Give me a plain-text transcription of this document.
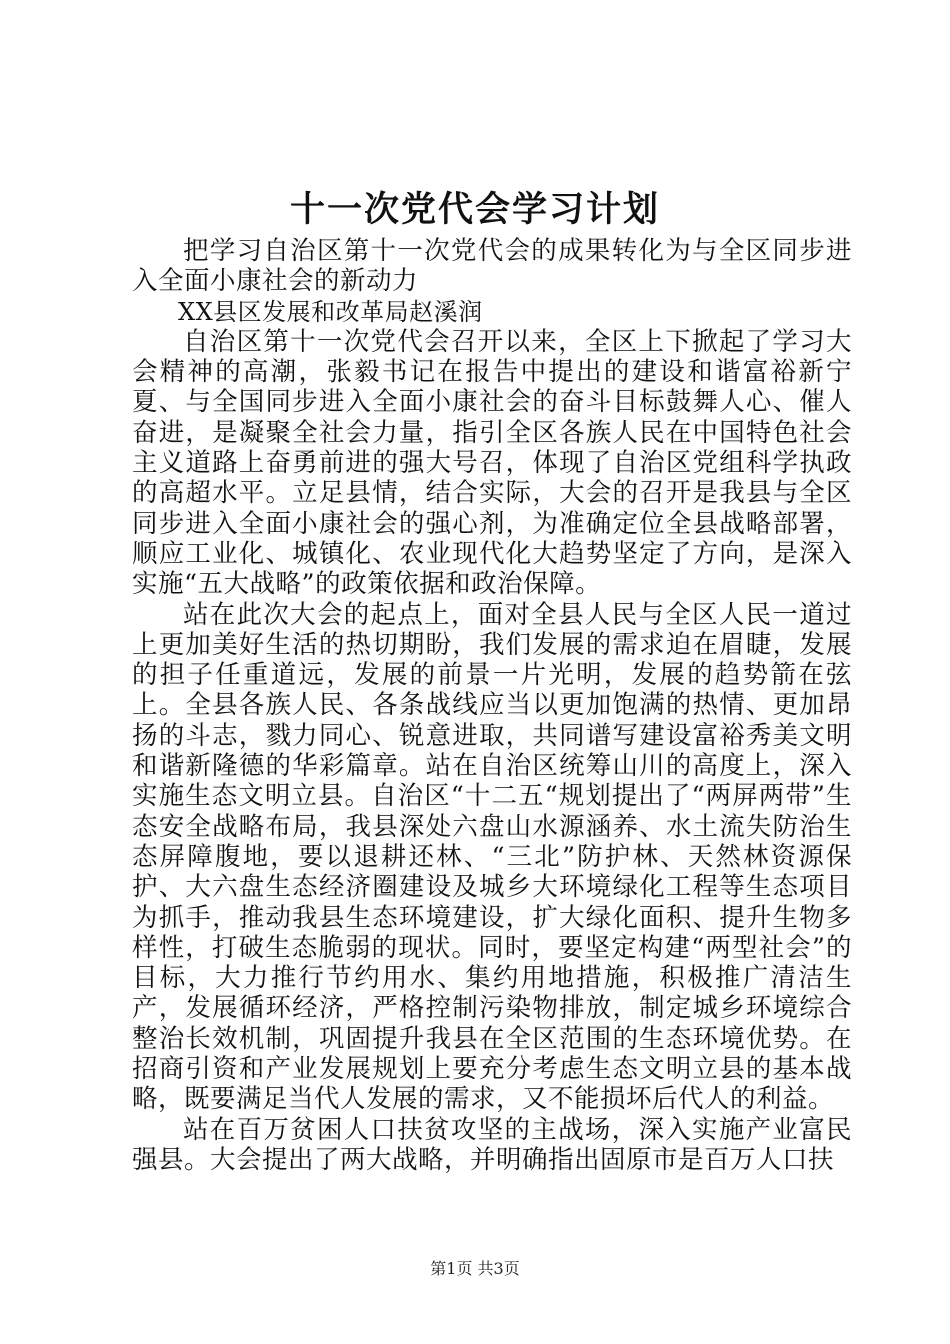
十一次党代会学习计划

把学习自治区第十一次党代会的成果转化为与全区同步进入全面小康社会的新动力

XX县区发展和改革局赵溪润

自治区第十一次党代会召开以来，全区上下掀起了学习大会精神的高潮，张毅书记在报告中提出的建设和谐富裕新宁夏、与全国同步进入全面小康社会的奋斗目标鼓舞人心、催人奋进，是凝聚全社会力量，指引全区各族人民在中国特色社会主义道路上奋勇前进的强大号召，体现了自治区党组科学执政的高超水平。立足县情，结合实际，大会的召开是我县与全区同步进入全面小康社会的强心剂，为准确定位全县战略部署，顺应工业化、城镇化、农业现代化大趋势坚定了方向，是深入实施“五大战略”的政策依据和政治保障。

站在此次大会的起点上，面对全县人民与全区人民一道过上更加美好生活的热切期盼，我们发展的需求迫在眉睫，发展的担子任重道远，发展的前景一片光明，发展的趋势箭在弦上。全县各族人民、各条战线应当以更加饱满的热情、更加昂扬的斗志，戮力同心、锐意进取，共同谱写建设富裕秀美文明和谐新隆德的华彩篇章。站在自治区统筹山川的高度上，深入实施生态文明立县。自治区“十二五“规划提出了“两屏两带”生态安全战略布局，我县深处六盘山水源涵养、水土流失防治生态屏障腹地，要以退耕还林、“三北”防护林、天然林资源保护、大六盘生态经济圈建设及城乡大环境绿化工程等生态项目为抓手，推动我县生态环境建设，扩大绿化面积、提升生物多样性，打破生态脆弱的现状。同时，要坚定构建“两型社会”的目标，大力推行节约用水、集约用地措施，积极推广清洁生产，发展循环经济，严格控制污染物排放，制定城乡环境综合整治长效机制，巩固提升我县在全区范围的生态环境优势。在招商引资和产业发展规划上要充分考虑生态文明立县的基本战略，既要满足当代人发展的需求，又不能损坏后代人的利益。

站在百万贫困人口扶贫攻坚的主战场，深入实施产业富民强县。大会提出了两大战略，并明确指出固原市是百万人口扶

第1页 共3页
